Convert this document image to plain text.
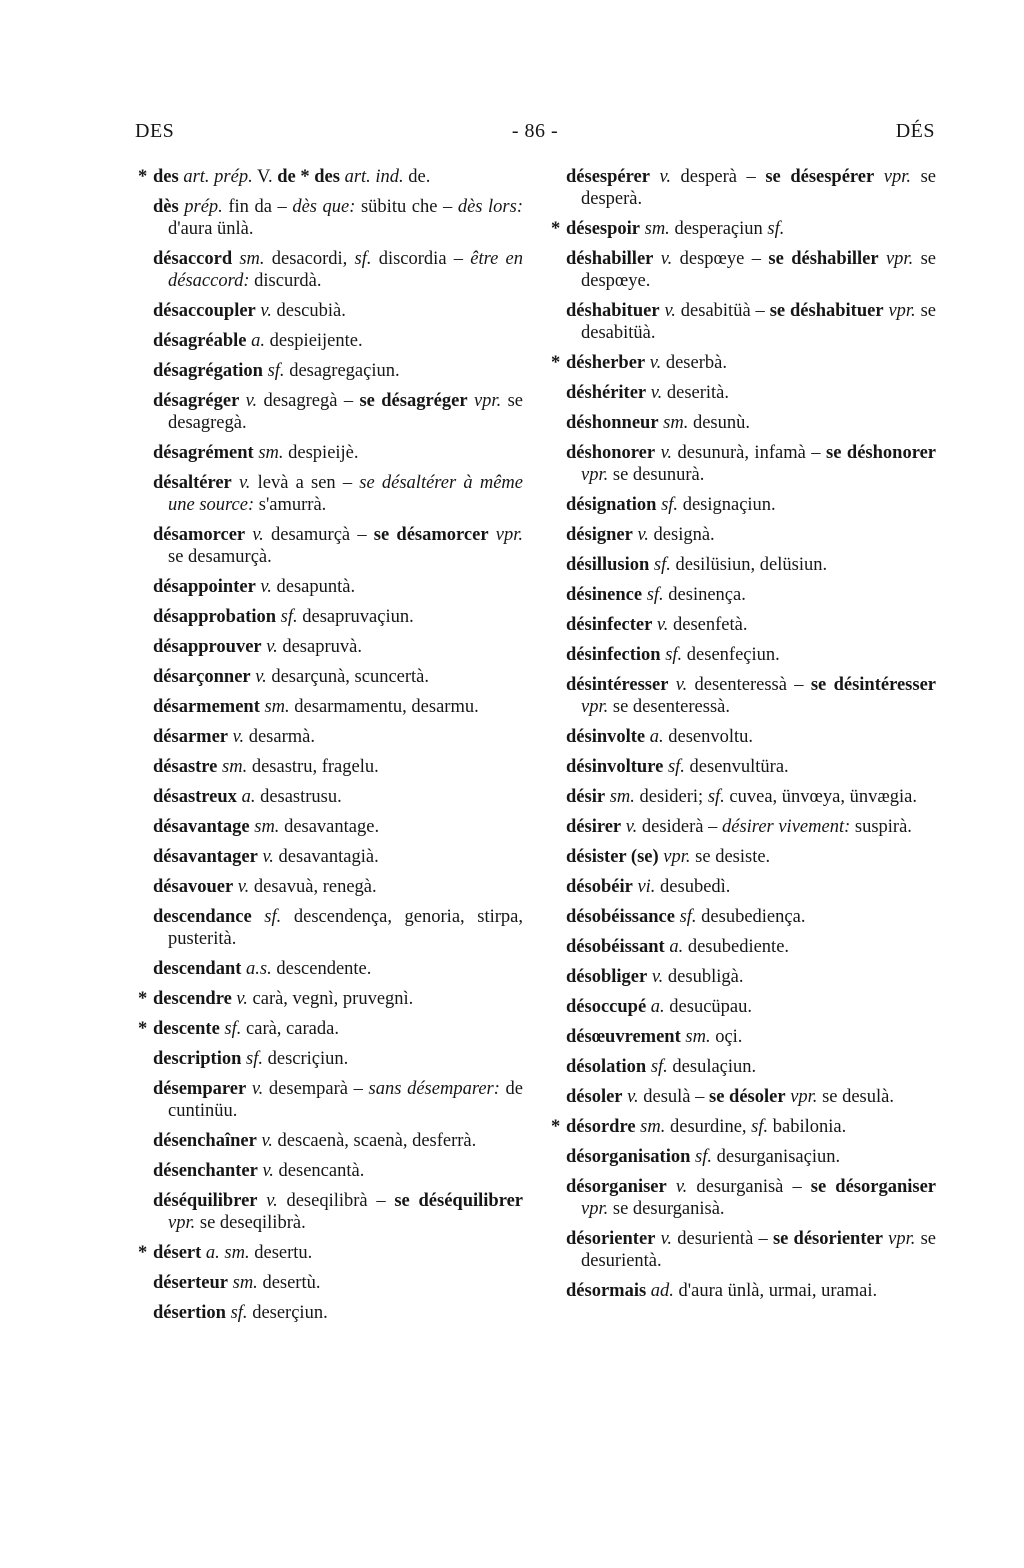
DES	- 86 -	DÉS

* des art. prép. V. de * des art. ind. de.

dès prép. fin da – dès que: sübitu che – dès lors: d'aura ünlà.

désaccord sm. desacordi, sf. discordia – être en désaccord: discurdà.

désaccoupler v. descubià.

désagréable a. despieijente.

désagrégation sf. desagregaçiun.

désagréger v. desagregà – se désagréger vpr. se desagregà.

désagrément sm. despieijè.

désaltérer v. levà a sen – se désaltérer à même une source: s'amurrà.

désamorcer v. desamurçà – se désamorcer vpr. se desamurçà.

désappointer v. desapuntà.

désapprobation sf. desapruvaçiun.

désapprouver v. desapruvà.

désarçonner v. desarçunà, scuncertà.

désarmement sm. desarmamentu, desarmu.

désarmer v. desarmà.

désastre sm. desastru, fragelu.

désastreux a. desastrusu.

désavantage sm. desavantage.

désavantager v. desavantagià.

désavouer v. desavuà, renegà.

descendance sf. descendença, genoria, stirpa, pusterità.

descendant a.s. descendente.

* descendre v. carà, vegnì, pruvegnì.

* descente sf. carà, carada.

description sf. descriçiun.

désemparer v. desemparà – sans désemparer: de cuntinüu.

désenchaîner v. descaenà, scaenà, desferrà.

désenchanter v. desencantà.

déséquilibrer v. deseqilibrà – se déséquilibrer vpr. se deseqilibrà.

* désert a. sm. desertu.

déserteur sm. desertù.

désertion sf. deserçiun.

désespérer v. desperà – se désespérer vpr. se desperà.

* désespoir sm. desperaçiun sf.

déshabiller v. despœye – se déshabiller vpr. se despœye.

déshabituer v. desabitüà – se déshabituer vpr. se desabitüà.

* désherber v. deserbà.

déshériter v. deserità.

déshonneur sm. desunù.

déshonorer v. desunurà, infamà – se déshonorer vpr. se desunurà.

désignation sf. designaçiun.

désigner v. designà.

désillusion sf. desilüsiun, delüsiun.

désinence sf. desinença.

désinfecter v. desenfetà.

désinfection sf. desenfeçiun.

désintéresser v. desenteressà – se désintéresser vpr. se desenteressà.

désinvolte a. desenvoltu.

désinvolture sf. desenvultüra.

désir sm. desideri; sf. cuvea, ünvœya, ünvægia.

désirer v. desiderà – désirer vivement: suspirà.

désister (se) vpr. se desiste.

désobéir vi. desubedì.

désobéissance sf. desubediença.

désobéissant a. desubediente.

désobliger v. desubligà.

désoccupé a. desucüpau.

désœuvrement sm. oçi.

désolation sf. desulaçiun.

désoler v. desulà – se désoler vpr. se desulà.

* désordre sm. desurdine, sf. babilonia.

désorganisation sf. desurganisaçiun.

désorganiser v. desurganisà – se désorganiser vpr. se desurganisà.

désorienter v. desurientà – se désorienter vpr. se desurientà.

désormais ad. d'aura ünlà, urmai, uramai.
